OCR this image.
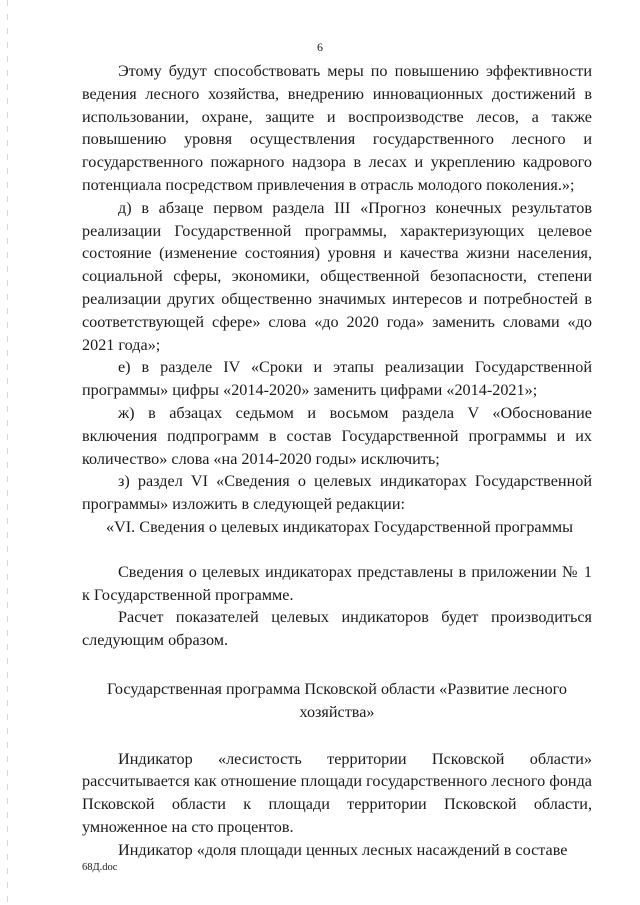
6

Этому будут способствовать меры по повышению эффективности ведения лесного хозяйства, внедрению инновационных достижений в использовании, охране, защите и воспроизводстве лесов, а также повышению уровня осуществления государственного лесного и государственного пожарного надзора в лесах и укреплению кадрового потенциала посредством привлечения в отрасль молодого поколения.»;

д) в абзаце первом раздела III «Прогноз конечных результатов реализации Государственной программы, характеризующих целевое состояние (изменение состояния) уровня и качества жизни населения, социальной сферы, экономики, общественной безопасности, степени реализации других общественно значимых интересов и потребностей в соответствующей сфере» слова «до 2020 года» заменить словами «до 2021 года»;

е) в разделе IV «Сроки и этапы реализации Государственной программы» цифры «2014-2020» заменить цифрами «2014-2021»;

ж) в абзацах седьмом и восьмом раздела V «Обоснование включения подпрограмм в состав Государственной программы и их количество» слова «на 2014-2020 годы» исключить;

з) раздел VI «Сведения о целевых индикаторах Государственной программы» изложить в следующей редакции:

«VI. Сведения о целевых индикаторах Государственной программы

Сведения о целевых индикаторах представлены в приложении № 1 к Государственной программе.

Расчет показателей целевых индикаторов будет производиться следующим образом.

Государственная программа Псковской области «Развитие лесного
хозяйства»

Индикатор «лесистость территории Псковской области» рассчитывается как отношение площади государственного лесного фонда Псковской области к площади территории Псковской области, умноженное на сто процентов.

Индикатор «доля площади ценных лесных насаждений в составе

68Д.doc
